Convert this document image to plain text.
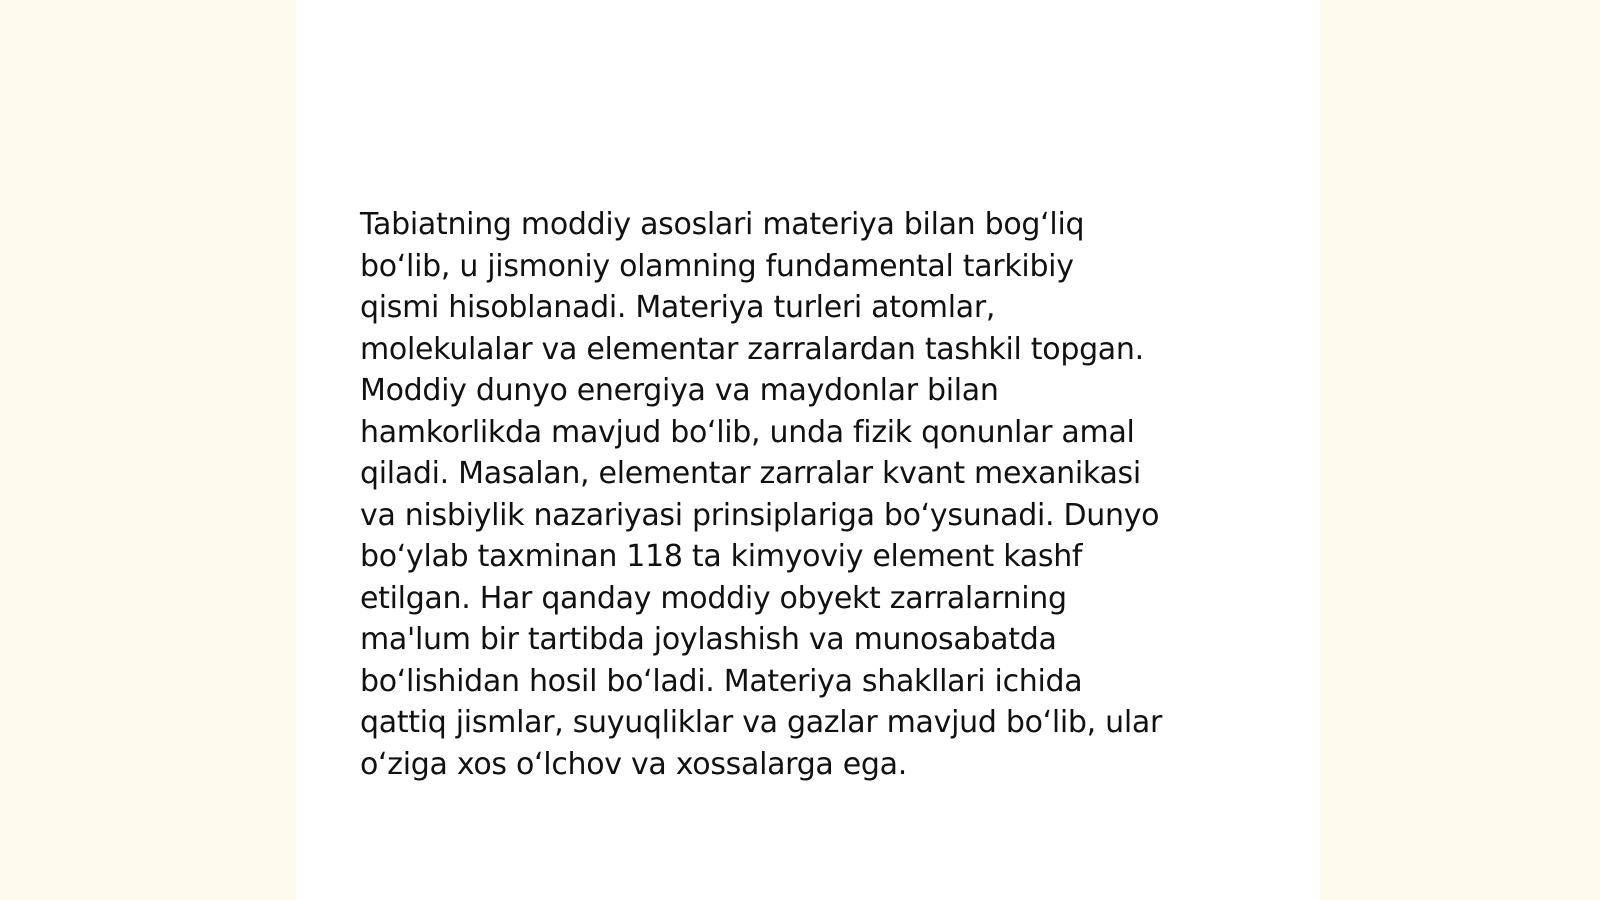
Tabiatning moddiy asoslari materiya bilan bog‘liq
bo‘lib, u jismoniy olamning fundamental tarkibiy
qismi hisoblanadi. Materiya turleri atomlar,
molekulalar va elementar zarralardan tashkil topgan.
Moddiy dunyo energiya va maydonlar bilan
hamkorlikda mavjud bo‘lib, unda fizik qonunlar amal
qiladi. Masalan, elementar zarralar kvant mexanikasi
va nisbiylik nazariyasi prinsiplariga bo‘ysunadi. Dunyo
bo‘ylab taxminan 118 ta kimyoviy element kashf
etilgan. Har qanday moddiy obyekt zarralarning
ma'lum bir tartibda joylashish va munosabatda
bo‘lishidan hosil bo‘ladi. Materiya shakllari ichida
qattiq jismlar, suyuqliklar va gazlar mavjud bo‘lib, ular
o‘ziga xos o‘lchov va xossalarga ega.
